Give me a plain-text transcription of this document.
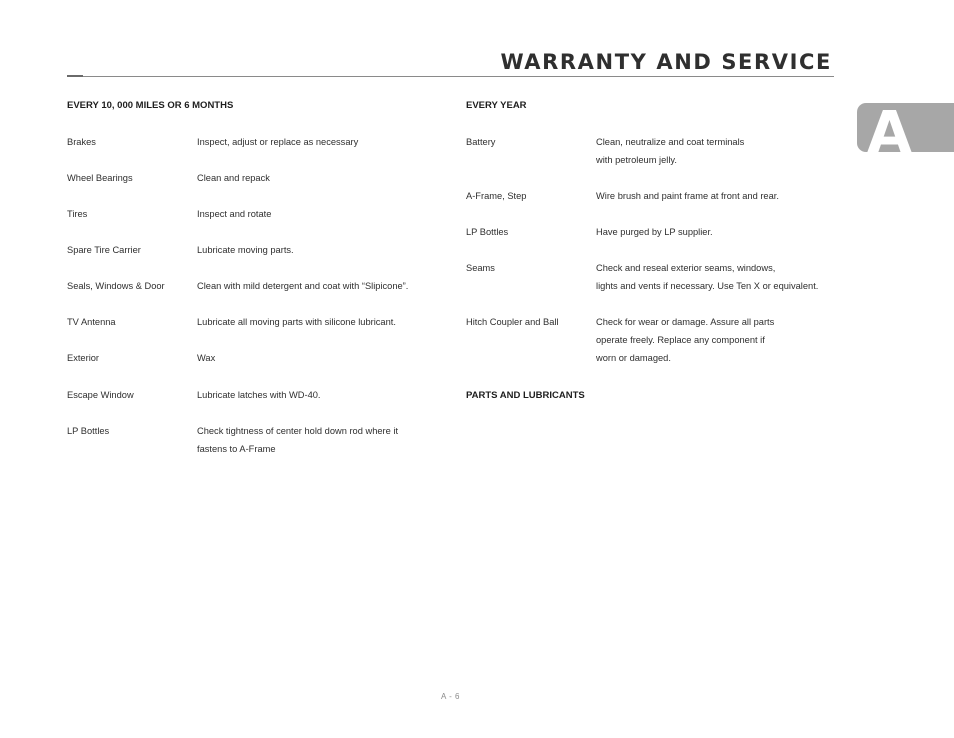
WARRANTY AND SERVICE
A
EVERY 10, 000 MILES OR 6 MONTHS
Brakes	Inspect, adjust or replace as necessary
Wheel Bearings	Clean and repack
Tires	Inspect and rotate
Spare Tire Carrier	Lubricate moving parts.
Seals, Windows & Door	Clean with mild detergent and coat with “Slipicone”.
TV Antenna	Lubricate all moving parts with silicone lubricant.
Exterior	Wax
Escape Window	Lubricate latches with WD-40.
LP Bottles	Check tightness of center hold down rod where it
fastens to A-Frame
EVERY YEAR
Battery	Clean, neutralize and coat terminals
with petroleum jelly.
A-Frame, Step	Wire brush and paint frame at front and rear.
LP Bottles	Have purged by LP supplier.
Seams	Check and reseal exterior seams, windows,
lights and vents if necessary. Use Ten X or equivalent.
Hitch Coupler and Ball	Check for wear or damage. Assure all parts
operate freely. Replace any component if
worn or damaged.
PARTS AND LUBRICANTS
A - 6
